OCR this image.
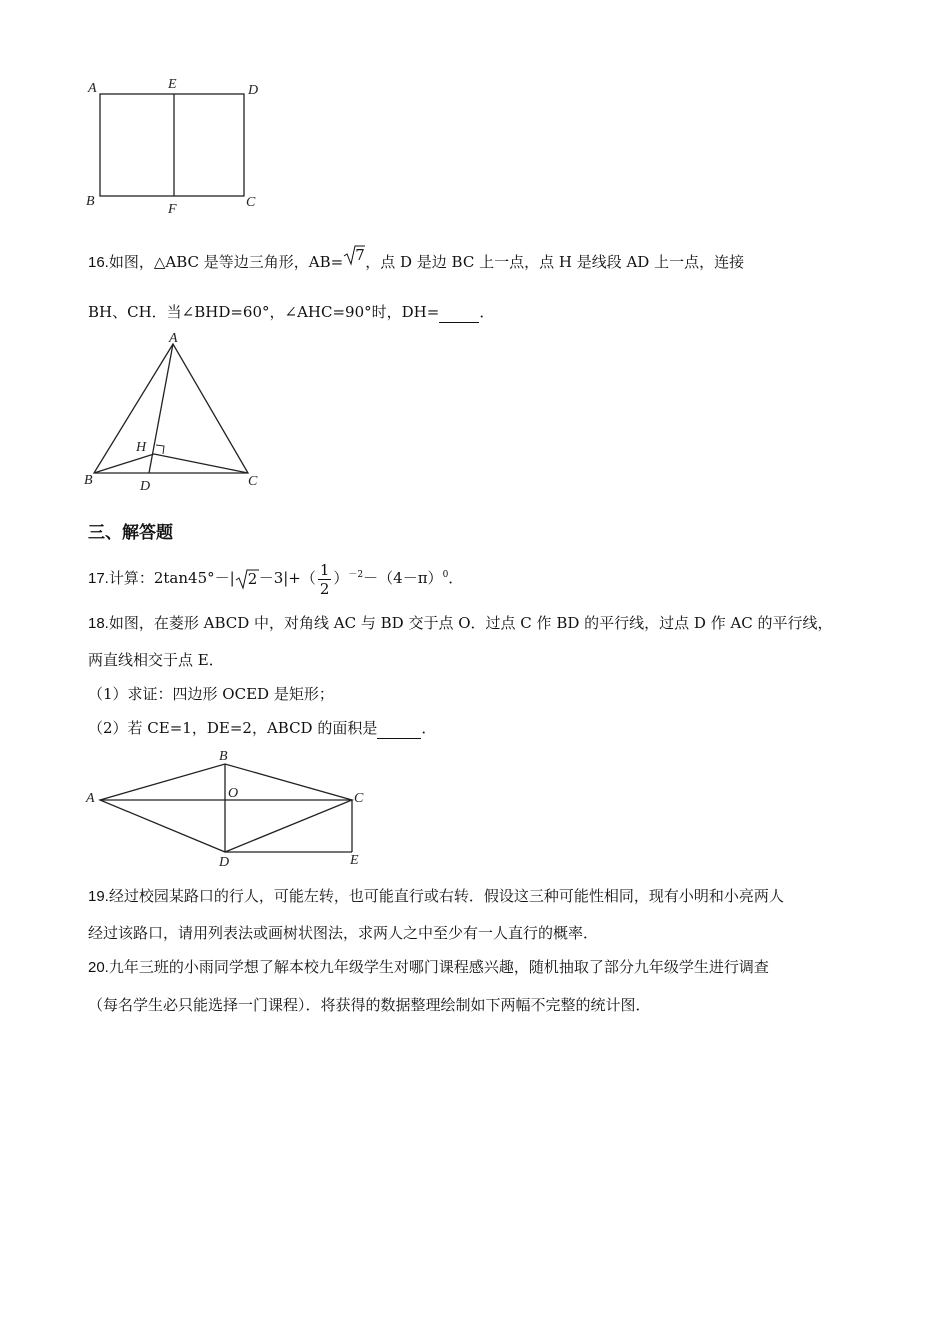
A	E	D
B
F	C
16.如图，△ABC 是等边三角形，AB= 7 ，点 D 是边 BC 上一点，点 H 是线段 AD 上一点，连接
BH、CH．当∠BHD=60°，∠AHC=90°时，DH=	．
A
H
B	D	C
三、解答题
17.计算：2tan45°－| $2 -3|+( \frac{1}{2} )^{-2}-(4-\pi)^0$．
18.如图，在菱形 ABCD 中，对角线 AC 与 BD 交于点 O．过点 C 作 BD 的平行线，过点 D 作 AC 的平行线，
两直线相交于点 E．
（1）求证：四边形 OCED 是矩形；
（2）若 CE=1，DE=2，ABCD 的面积是	．
A
B
O	C
D	E
19.经过校园某路口的行人，可能左转，也可能直行或右转．假设这三种可能性相同，现有小明和小亮两人
经过该路口，请用列表法或画树状图法，求两人之中至少有一人直行的概率．
20.九年三班的小雨同学想了解本校九年级学生对哪门课程感兴趣，随机抽取了部分九年级学生进行调查
（每名学生必只能选择一门课程）．将获得的数据整理绘制如下两幅不完整的统计图．
